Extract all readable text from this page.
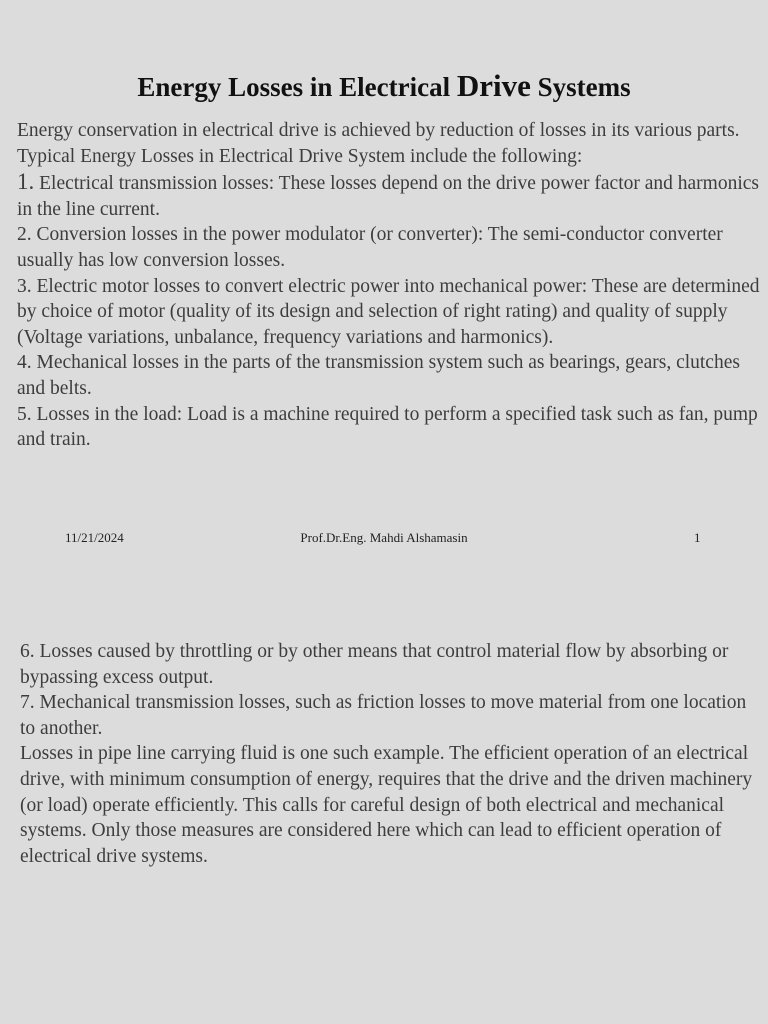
Energy Losses in Electrical Drive Systems

Energy conservation in electrical drive is achieved by reduction of losses in its various parts. Typical Energy Losses in Electrical Drive System include the following:

1. Electrical transmission losses: These losses depend on the drive power factor and harmonics in the line current.

2. Conversion losses in the power modulator (or converter): The semi-conductor converter usually has low conversion losses.

3. Electric motor losses to convert electric power into mechanical power: These are determined by choice of motor (quality of its design and selection of right rating) and quality of supply (Voltage variations, unbalance, frequency variations and harmonics).

4. Mechanical losses in the parts of the transmission system such as bearings, gears, clutches and belts.

5. Losses in the load: Load is a machine required to perform a specified task such as fan, pump and train.

11/21/2024	Prof.Dr.Eng. Mahdi Alshamasin	1

6. Losses caused by throttling or by other means that control material flow by absorbing or bypassing excess output.

7. Mechanical transmission losses, such as friction losses to move material from one location to another.

Losses in pipe line carrying fluid is one such example. The efficient operation of an electrical drive, with minimum consumption of energy, requires that the drive and the driven machinery (or load) operate efficiently. This calls for careful design of both electrical and mechanical systems. Only those measures are considered here which can lead to efficient operation of electrical drive systems.
